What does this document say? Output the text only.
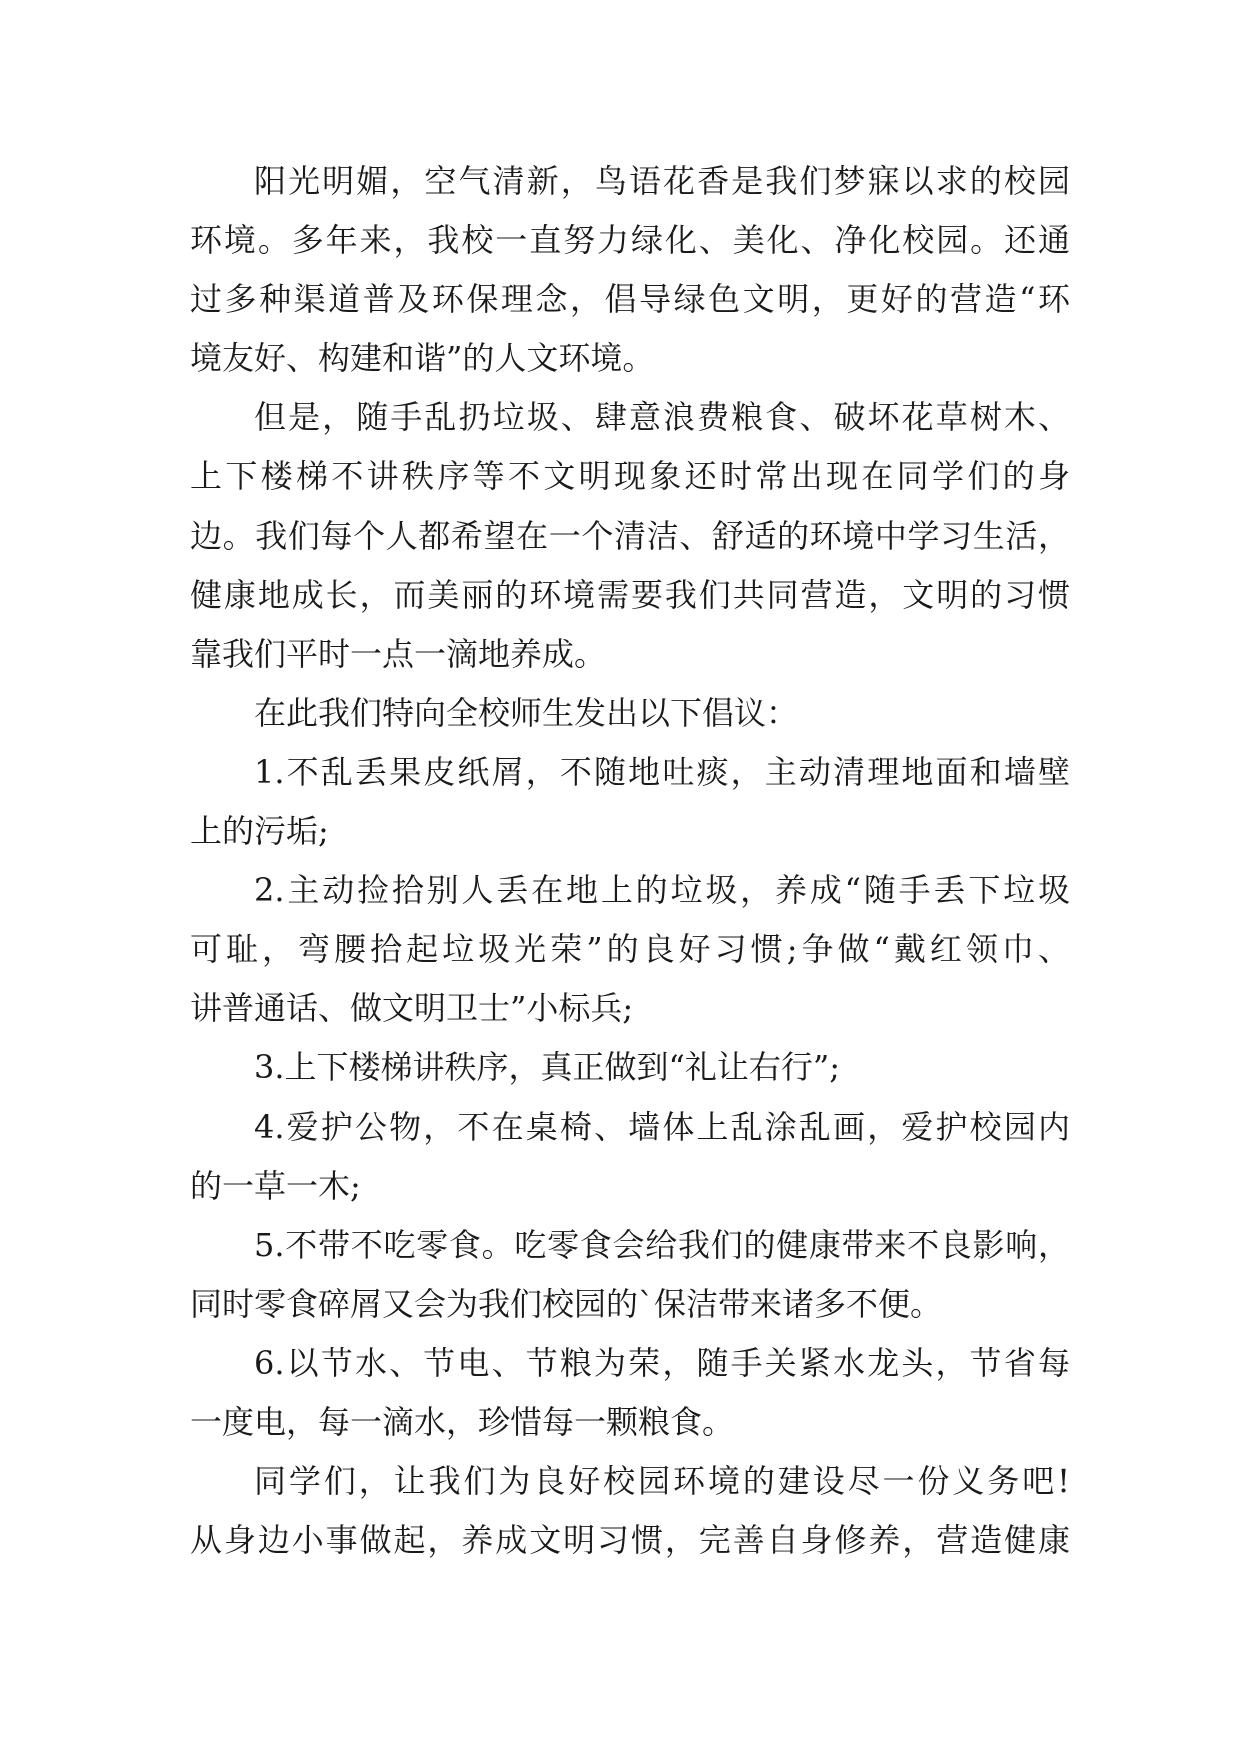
阳光明媚，空气清新，鸟语花香是我们梦寐以求的校园
环境。多年来，我校一直努力绿化、美化、净化校园。还通
过多种渠道普及环保理念，倡导绿色文明，更好的营造“环
境友好、构建和谐”的人文环境。
但是，随手乱扔垃圾、肆意浪费粮食、破坏花草树木、
上下楼梯不讲秩序等不文明现象还时常出现在同学们的身
边。我们每个人都希望在一个清洁、舒适的环境中学习生活，
健康地成长，而美丽的环境需要我们共同营造，文明的习惯
靠我们平时一点一滴地养成。
在此我们特向全校师生发出以下倡议：
1.不乱丢果皮纸屑，不随地吐痰，主动清理地面和墙壁
上的污垢;
2.主动捡拾别人丢在地上的垃圾，养成“随手丢下垃圾
可耻，弯腰拾起垃圾光荣”的良好习惯;争做“戴红领巾、
讲普通话、做文明卫士”小标兵;
3.上下楼梯讲秩序，真正做到“礼让右行”;
4.爱护公物，不在桌椅、墙体上乱涂乱画，爱护校园内
的一草一木;
5.不带不吃零食。吃零食会给我们的健康带来不良影响，
同时零食碎屑又会为我们校园的`保洁带来诸多不便。
6.以节水、节电、节粮为荣，随手关紧水龙头，节省每
一度电，每一滴水，珍惜每一颗粮食。
同学们，让我们为良好校园环境的建设尽一份义务吧!
从身边小事做起，养成文明习惯，完善自身修养，营造健康
